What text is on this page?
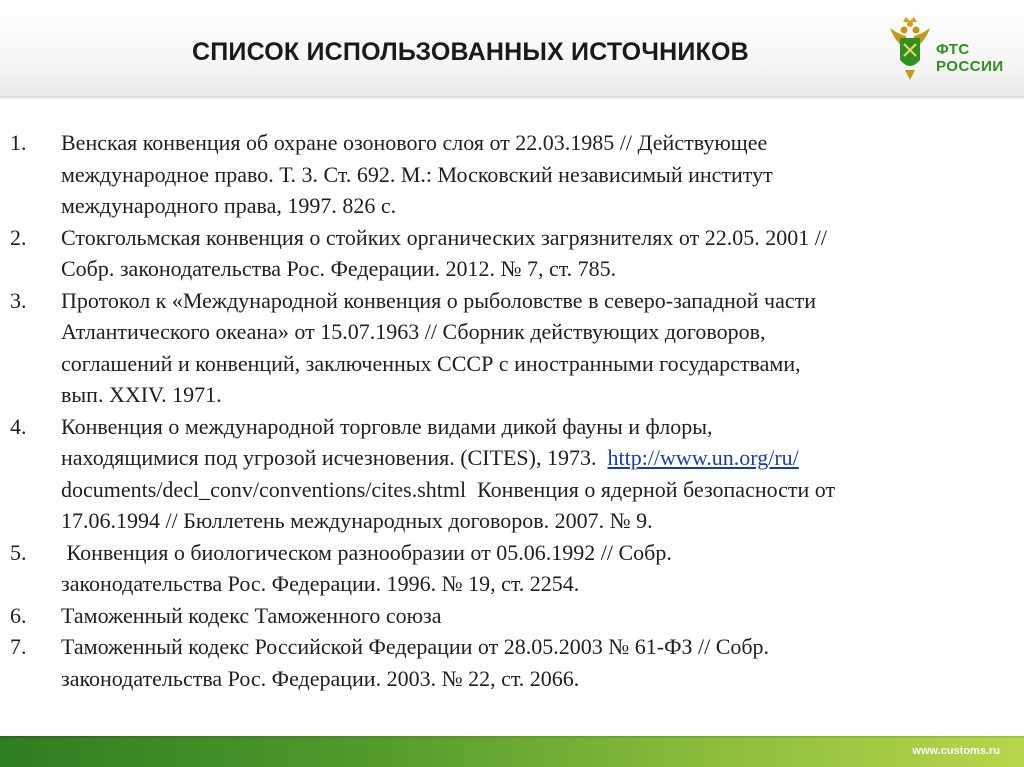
СПИСОК ИСПОЛЬЗОВАННЫХ ИСТОЧНИКОВ	ФТС
РОССИИ
1. Венская конвенция об охране озонового слоя от 22.03.1985 // Действующее
международное право. Т. 3. Ст. 692. М.: Московский независимый институт
международного права, 1997. 826 с.
2. Стокгольмская конвенция о стойких органических загрязнителях от 22.05. 2001 //
Собр. законодательства Рос. Федерации. 2012. № 7, ст. 785.
3. Протокол к «Международной конвенция о рыболовстве в северо-западной части
Атлантического океана» от 15.07.1963 // Сборник действующих договоров,
соглашений и конвенций, заключенных СССР с иностранными государствами,
вып. XXIV. 1971.
4. Конвенция о международной торговле видами дикой фауны и флоры,
находящимися под угрозой исчезновения. (CITES), 1973. http://www.un.org/ru/
documents/decl_conv/conventions/cites.shtml  Конвенция о ядерной безопасности от
17.06.1994 // Бюллетень международных договоров. 2007. № 9.
5. Конвенция о биологическом разнообразии от 05.06.1992 // Собр.
законодательства Рос. Федерации. 1996. № 19, ст. 2254.
6. Таможенный кодекс Таможенного союза
7. Таможенный кодекс Российской Федерации от 28.05.2003 № 61-ФЗ // Собр.
законодательства Рос. Федерации. 2003. № 22, ст. 2066.
www.customs.ru
